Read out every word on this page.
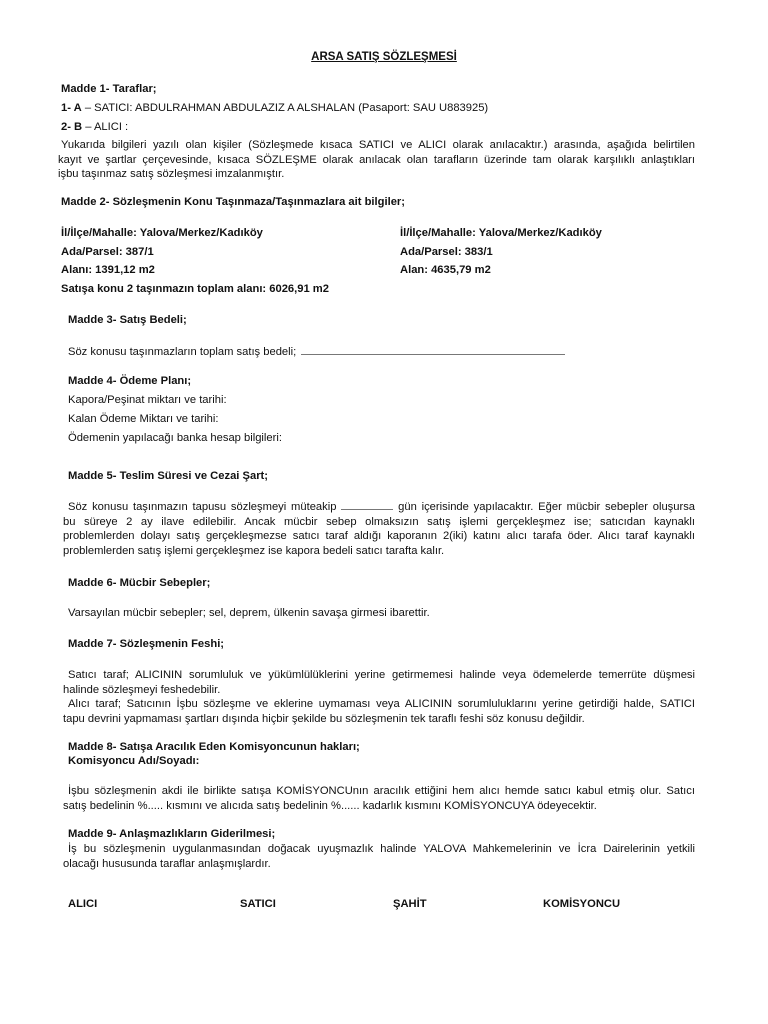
ARSA SATIŞ SÖZLEŞMESİ
Madde 1- Taraflar;
1- A – SATICI: ABDULRAHMAN ABDULAZIZ A ALSHALAN (Pasaport: SAU U883925)
2- B – ALICI :
Yukarıda bilgileri yazılı olan kişiler (Sözleşmede kısaca SATICI ve ALICI olarak anılacaktır.) arasında, aşağıda belirtilen
kayıt ve şartlar çerçevesinde, kısaca SÖZLEŞME olarak anılacak olan tarafların üzerinde tam olarak karşılıklı anlaştıkları
işbu taşınmaz satış sözleşmesi imzalanmıştır.
Madde 2- Sözleşmenin Konu Taşınmaza/Taşınmazlara ait bilgiler;
İl/İlçe/Mahalle: Yalova/Merkez/Kadıköy
Ada/Parsel: 387/1
Alanı: 1391,12 m2
İl/İlçe/Mahalle: Yalova/Merkez/Kadıköy
Ada/Parsel: 383/1
Alan: 4635,79 m2
Satışa konu 2 taşınmazın toplam alanı: 6026,91 m2
Madde 3- Satış Bedeli;
Söz konusu taşınmazların toplam satış bedeli;
Madde 4- Ödeme Planı;
Kapora/Peşinat miktarı ve tarihi:
Kalan Ödeme Miktarı ve tarihi:
Ödemenin yapılacağı banka hesap bilgileri:
Madde 5- Teslim Süresi ve Cezai Şart;
Söz konusu taşınmazın tapusu sözleşmeyi müteakip	gün içerisinde yapılacaktır. Eğer mücbir sebepler oluşursa
bu süreye 2 ay ilave edilebilir. Ancak mücbir sebep olmaksızın satış işlemi gerçekleşmez ise; satıcıdan kaynaklı
problemlerden dolayı satış gerçekleşmezse satıcı taraf aldığı kaporanın 2(iki) katını alıcı tarafa öder. Alıcı taraf kaynaklı
problemlerden satış işlemi gerçekleşmez ise kapora bedeli satıcı tarafta kalır.
Madde 6- Mücbir Sebepler;
Varsayılan mücbir sebepler; sel, deprem, ülkenin savaşa girmesi ibarettir.
Madde 7- Sözleşmenin Feshi;
Satıcı taraf; ALICININ sorumluluk ve yükümlülüklerini yerine getirmemesi halinde veya ödemelerde temerrüte düşmesi
halinde sözleşmeyi feshedebilir.
Alıcı taraf; Satıcının İşbu sözleşme ve eklerine uymaması veya ALICININ sorumluluklarını yerine getirdiği halde, SATICI
tapu devrini yapmaması şartları dışında hiçbir şekilde bu sözleşmenin tek taraflı feshi söz konusu değildir.
Madde 8- Satışa Aracılık Eden Komisyoncunun hakları;
Komisyoncu Adı/Soyadı:
İşbu sözleşmenin akdi ile birlikte satışa KOMİSYONCUnın aracılık ettiğini hem alıcı hemde satıcı kabul etmiş olur. Satıcı
satış bedelinin %..... kısmını ve alıcıda satış bedelinin %...... kadarlık kısmını KOMİSYONCUYA ödeyecektir.
Madde 9- Anlaşmazlıkların Giderilmesi;
İş bu sözleşmenin uygulanmasından doğacak uyuşmazlık halinde YALOVA Mahkemelerinin ve İcra Dairelerinin yetkili
olacağı hususunda taraflar anlaşmışlardır.
ALICI	SATICI	ŞAHİT	KOMİSYONCU
